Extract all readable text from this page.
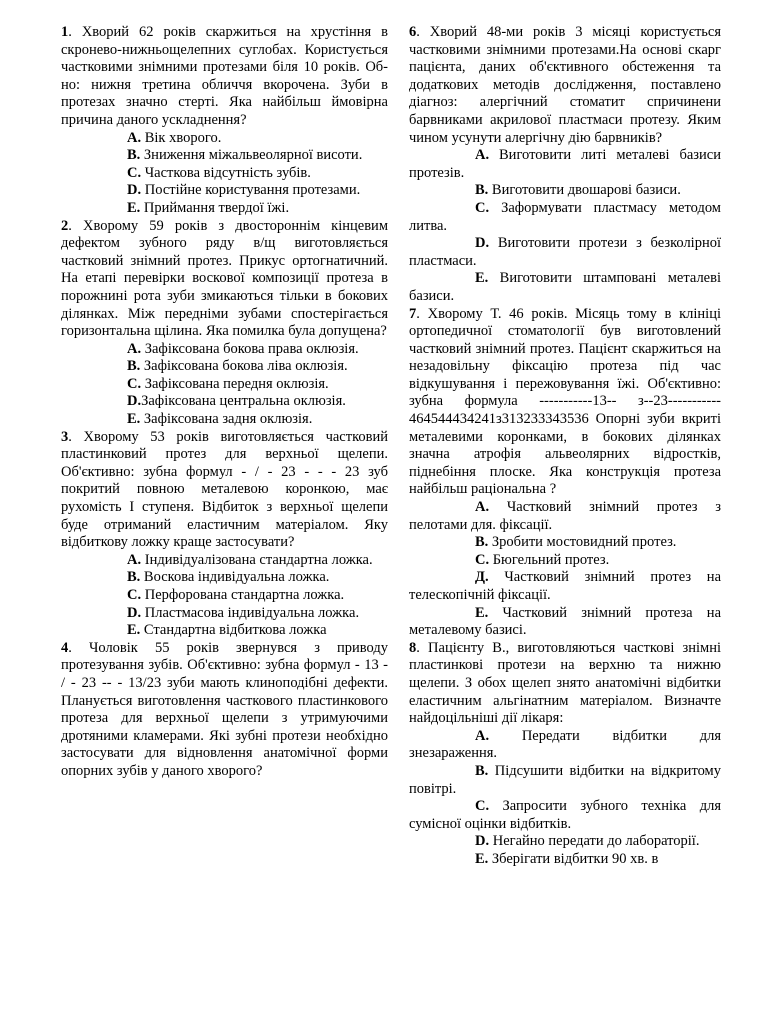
1. Хворий 62 років скаржиться на хрустіння в скронево-нижньощелепних суглобах. Користується частковими знімними протезами біля 10 років. Об-но: нижня третина обличчя вкорочена. Зуби в протезах значно стерті. Яка найбільш ймовірна причина даного ускладнення?

А. Вік хворого.

В. Зниження міжальвеолярної висоти.

С. Часткова відсутність зубів.

D. Постійне користування протезами.

Е. Приймання твердої їжі.

2. Хворому 59 років з двостороннім кінцевим дефектом зубного ряду в/щ виготовляється частковий знімний протез. Прикус ортогнатичний. На етапі перевірки воскової композиції протеза в порожнині рота зуби змикаються тільки в бокових ділянках. Між передніми зубами спостерігається горизонтальна щілина. Яка помилка була допущена?

А. Зафіксована бокова права оклюзія.

В. Зафіксована бокова ліва оклюзія.

С. Зафіксована передня оклюзія.

D.Зафіксована центральна оклюзія.

Е. Зафіксована задня оклюзія.

3. Хворому 53 років виготовляється частковий пластинковий протез для верхньої щелепи. Об'єктивно: зубна формул - / - 23 - - - 23 зуб покритий повною металевою коронкою, має рухомість І ступеня. Відбиток з верхньої щелепи буде отриманий еластичним матеріалом. Яку відбиткову ложку краще застосувати?

А. Індивідуалізована стандартна ложка.

В. Воскова індивідуальна ложка.

С. Перфорована стандартна ложка.

D. Пластмасова індивідуальна ложка.

Е. Стандартна відбиткова ложка

4. Чоловік 55 років звернувся з приводу протезування зубів. Об'єктивно: зубна формул - 13 - / - 23 -- - 13/23 зуби мають клиноподібні дефекти. Планується виготовлення часткового пластинкового протеза для верхньої щелепи з утримуючими дротяними кламерами. Які зубні протези необхідно застосувати для відновлення анатомічної форми опорних зубів у даного хворого?

6. Хворий 48-ми років 3 місяці користується частковими знімними протезами.На основі скарг пацієнта, даних об'єктивного обстеження та додаткових методів дослідження, поставлено діагноз: алергічний стоматит спричинени барвниками акрилової пластмаси протезу. Яким чином усунути алергічну дію барвників?

А. Виготовити литі металеві базиси протезів.

В. Виготовити двошарові базиси.

С. Заформувати пластмасу методом литва.

D. Виготовити протези з безколірної пластмаси.

Е. Виготовити штамповані металеві базиси.

7. Хворому Т. 46 років. Місяць тому в клініці ортопедичної стоматології був виготовлений частковий знімний протез. Пацієнт скаржиться на незадовільну фіксацію протеза під час відкушування і пережовування їжі. Об'єктивно: зубна формула -----------13-- з--23----------- 464544434241з313233343536 Опорні зуби вкриті металевими коронками, в бокових ділянках значна атрофія альвеолярних відростків, піднебіння плоске. Яка конструкція протеза найбільш раціональна ?

А. Частковий знімний протез з пелотами для. фіксації.

В. Зробити мостовидний протез.

С. Бюгельний протез.

Д. Частковий знімний протез на телескопічній фіксації.

Е. Частковий знімний протеза на металевому базисі.

8. Пацієнту В., виготовляються часткові знімні пластинкові протези на верхню та нижню щелепи. З обох щелеп знято анатомічні відбитки еластичним альгінатним матеріалом. Визначте найдоцільніші дії лікаря:

А. Передати відбитки для знезараження.

В. Підсушити відбитки на відкритому повітрі.

С. Запросити зубного техніка для сумісної оцінки відбитків.

D. Негайно передати до лабораторії.

Е. Зберігати відбитки 90 хв. в
